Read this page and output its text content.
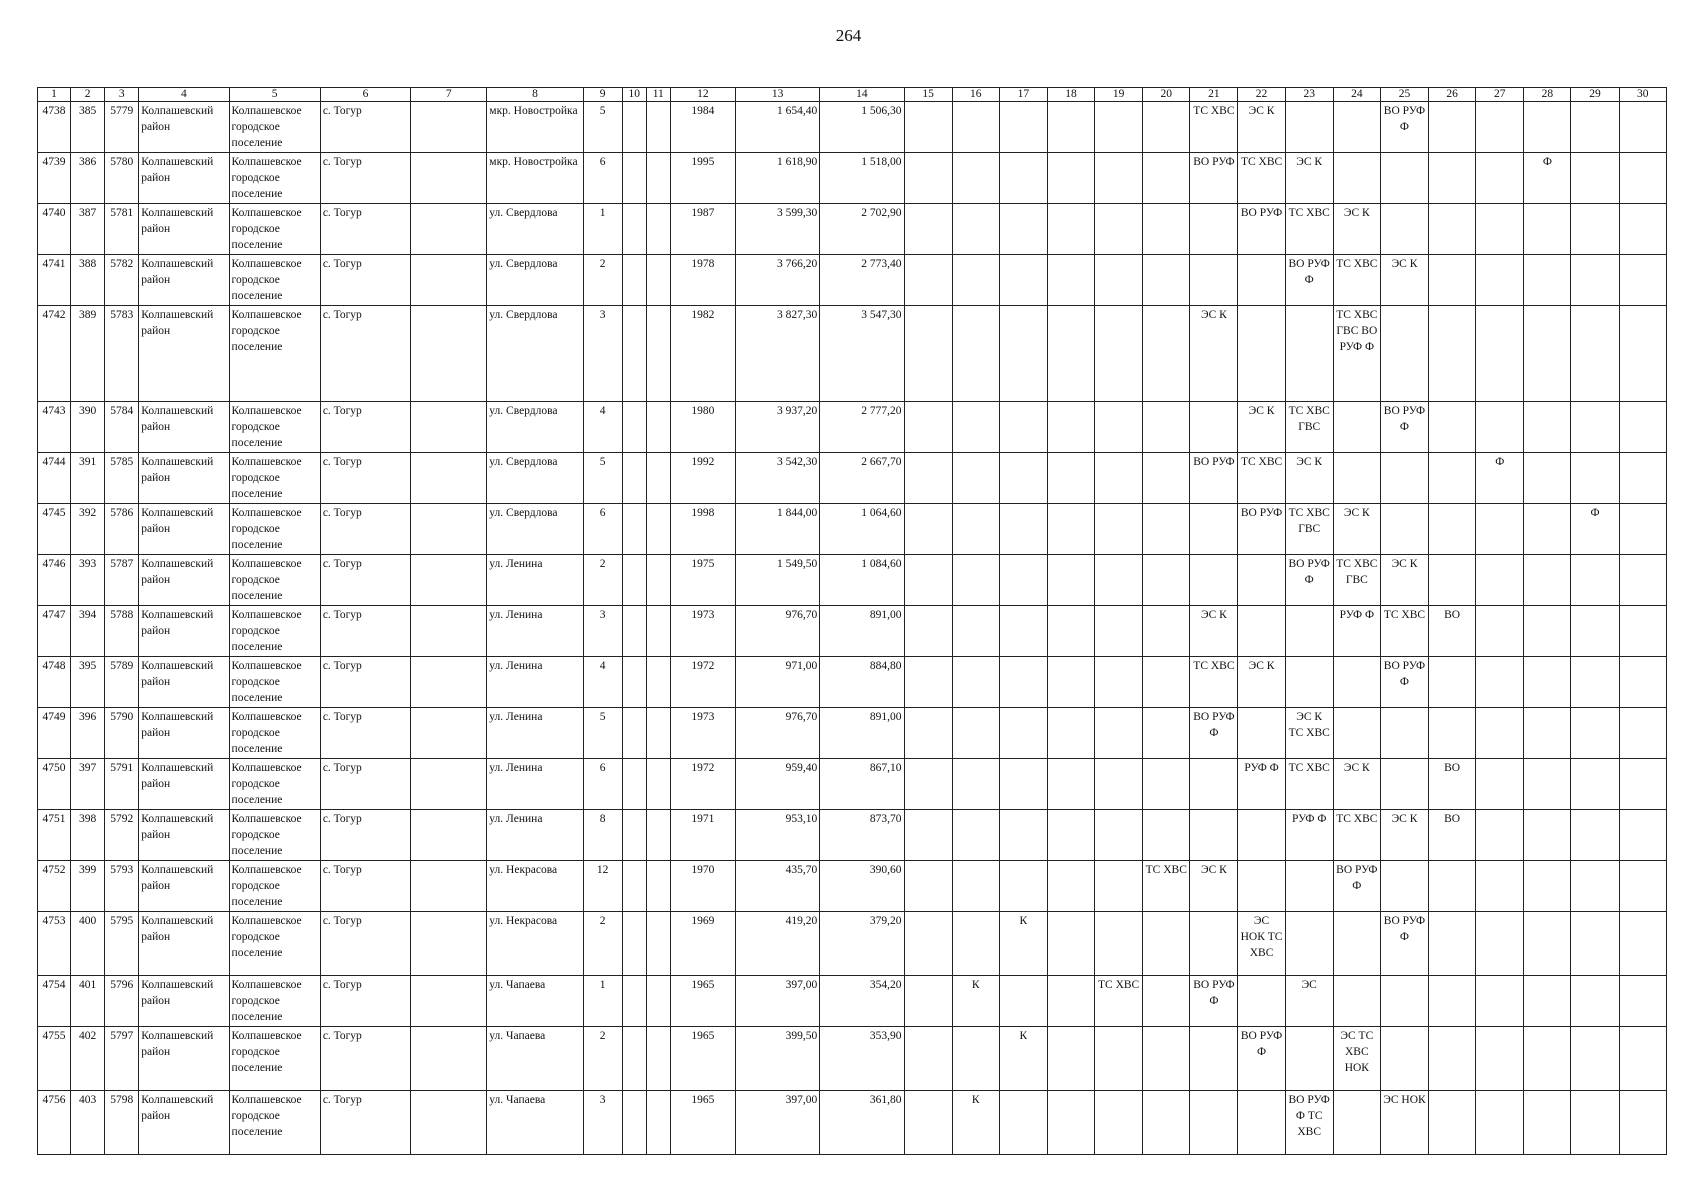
264
1	2	3	4	5	6	7	8	9	10	11	12	13	14	15	16	17	18	19	20	21	22	23	24	25	26	27	28	29	30
4738	385	5779	Колпашевский район	Колпашевское городское поселение	с. Тогур		мкр. Новостройка	5			1984	1 654,40	1 506,30							ТС ХВС	ЭС К			ВО РУФ Ф					
4739	386	5780	Колпашевский район	Колпашевское городское поселение	с. Тогур		мкр. Новостройка	6			1995	1 618,90	1 518,00							ВО РУФ	ТС ХВС	ЭС К					Ф		
4740	387	5781	Колпашевский район	Колпашевское городское поселение	с. Тогур		ул. Свердлова	1			1987	3 599,30	2 702,90								ВО РУФ	ТС ХВС	ЭС К						
4741	388	5782	Колпашевский район	Колпашевское городское поселение	с. Тогур		ул. Свердлова	2			1978	3 766,20	2 773,40									ВО РУФ Ф	ТС ХВС	ЭС К					
4742	389	5783	Колпашевский район	Колпашевское городское поселение	с. Тогур		ул. Свердлова	3			1982	3 827,30	3 547,30							ЭС К			ТС ХВС ГВС ВО РУФ Ф						
4743	390	5784	Колпашевский район	Колпашевское городское поселение	с. Тогур		ул. Свердлова	4			1980	3 937,20	2 777,20								ЭС К	ТС ХВС ГВС		ВО РУФ Ф					
4744	391	5785	Колпашевский район	Колпашевское городское поселение	с. Тогур		ул. Свердлова	5			1992	3 542,30	2 667,70							ВО РУФ	ТС ХВС	ЭС К				Ф			
4745	392	5786	Колпашевский район	Колпашевское городское поселение	с. Тогур		ул. Свердлова	6			1998	1 844,00	1 064,60								ВО РУФ	ТС ХВС ГВС	ЭС К					Ф	
4746	393	5787	Колпашевский район	Колпашевское городское поселение	с. Тогур		ул. Ленина	2			1975	1 549,50	1 084,60									ВО РУФ Ф	ТС ХВС ГВС	ЭС К					
4747	394	5788	Колпашевский район	Колпашевское городское поселение	с. Тогур		ул. Ленина	3			1973	976,70	891,00							ЭС К			РУФ Ф	ТС ХВС	ВО				
4748	395	5789	Колпашевский район	Колпашевское городское поселение	с. Тогур		ул. Ленина	4			1972	971,00	884,80							ТС ХВС	ЭС К			ВО РУФ Ф					
4749	396	5790	Колпашевский район	Колпашевское городское поселение	с. Тогур		ул. Ленина	5			1973	976,70	891,00							ВО РУФ Ф		ЭС К ТС ХВС							
4750	397	5791	Колпашевский район	Колпашевское городское поселение	с. Тогур		ул. Ленина	6			1972	959,40	867,10								РУФ Ф	ТС ХВС	ЭС К		ВО				
4751	398	5792	Колпашевский район	Колпашевское городское поселение	с. Тогур		ул. Ленина	8			1971	953,10	873,70									РУФ Ф	ТС ХВС	ЭС К	ВО				
4752	399	5793	Колпашевский район	Колпашевское городское поселение	с. Тогур		ул. Некрасова	12			1970	435,70	390,60						ТС ХВС	ЭС К			ВО РУФ Ф						
4753	400	5795	Колпашевский район	Колпашевское городское поселение	с. Тогур		ул. Некрасова	2			1969	419,20	379,20			К					ЭС НОК ТС ХВС			ВО РУФ Ф					
4754	401	5796	Колпашевский район	Колпашевское городское поселение	с. Тогур		ул. Чапаева	1			1965	397,00	354,20		К			ТС ХВС		ВО РУФ Ф		ЭС							
4755	402	5797	Колпашевский район	Колпашевское городское поселение	с. Тогур		ул. Чапаева	2			1965	399,50	353,90			К					ВО РУФ Ф		ЭС ТС ХВС НОК						
4756	403	5798	Колпашевский район	Колпашевское городское поселение	с. Тогур		ул. Чапаева	3			1965	397,00	361,80		К							ВО РУФ Ф ТС ХВС		ЭС НОК					
